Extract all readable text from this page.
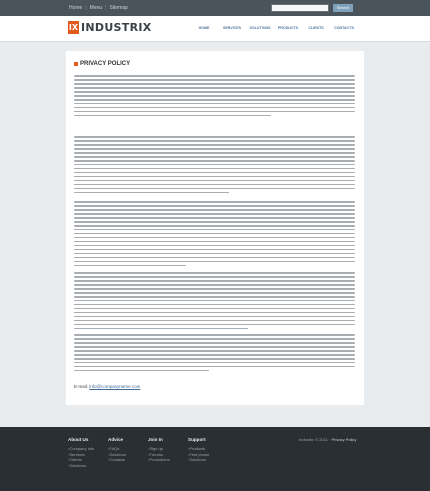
Home | Menu | Sitemap	Search
IX INDUSTRIX	HOME	SERVICES	SOLUTIONS	PRODUCTS	CLIENTS	CONTACTS
PRIVACY POLICY
E-mail: info@companyname.com
About Us
› Company Info
› Services
› Clients
› Solutions
Advice
› FAQs
› Solutions
› Contacts
Join In
› Sign up
› Forums
› Promotions
Support
› Products
› Find phone
› Solutions
Industrix © 2011 · Privacy Policy
